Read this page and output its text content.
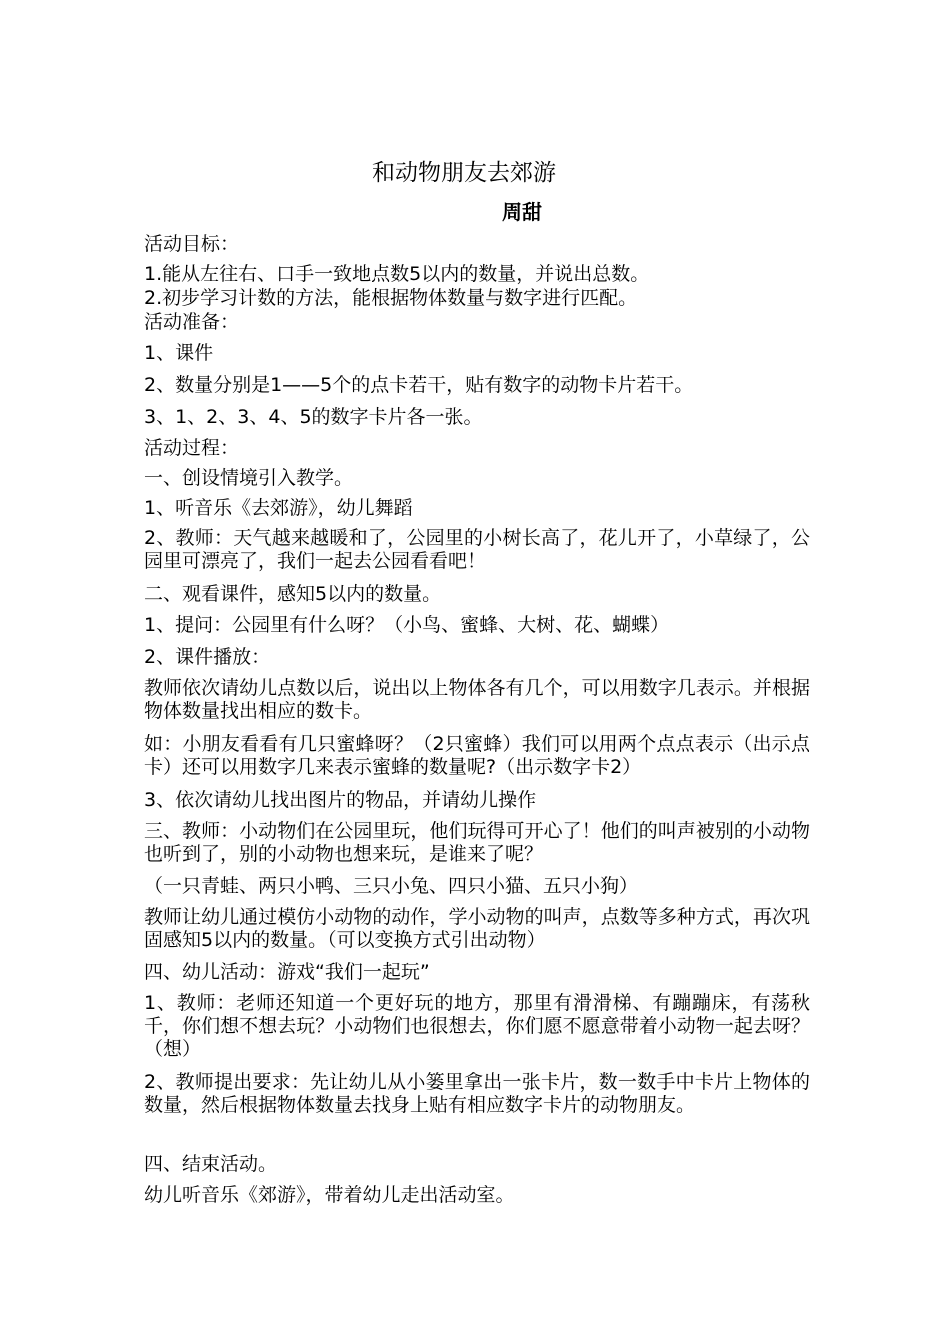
和动物朋友去郊游
周甜

活动目标：

1.能从左往右、口手一致地点数5以内的数量，并说出总数。

2.初步学习计数的方法，能根据物体数量与数字进行匹配。

活动准备：

1、课件

2、数量分别是1——5个的点卡若干，贴有数字的动物卡片若干。

3、1、2、3、4、5的数字卡片各一张。

活动过程：

一、创设情境引入教学。

1、听音乐《去郊游》，幼儿舞蹈

2、教师：天气越来越暖和了，公园里的小树长高了，花儿开了，小草绿了，公园里可漂亮了，我们一起去公园看看吧！

二、观看课件，感知5以内的数量。

1、提问：公园里有什么呀？（小鸟、蜜蜂、大树、花、蝴蝶）

2、课件播放：

教师依次请幼儿点数以后，说出以上物体各有几个，可以用数字几表示。并根据物体数量找出相应的数卡。

如：小朋友看看有几只蜜蜂呀？（2只蜜蜂）我们可以用两个点点表示（出示点卡）还可以用数字几来表示蜜蜂的数量呢?（出示数字卡2）

3、依次请幼儿找出图片的物品，并请幼儿操作

三、教师：小动物们在公园里玩，他们玩得可开心了！他们的叫声被别的小动物也听到了，别的小动物也想来玩，是谁来了呢？

（一只青蛙、两只小鸭、三只小兔、四只小猫、五只小狗）

教师让幼儿通过模仿小动物的动作，学小动物的叫声，点数等多种方式，再次巩固感知5以内的数量。（可以变换方式引出动物）

四、幼儿活动：游戏“我们一起玩”

1、教师：老师还知道一个更好玩的地方，那里有滑滑梯、有蹦蹦床，有荡秋千，你们想不想去玩？小动物们也很想去，你们愿不愿意带着小动物一起去呀？（想）

2、教师提出要求：先让幼儿从小篓里拿出一张卡片，数一数手中卡片上物体的数量，然后根据物体数量去找身上贴有相应数字卡片的动物朋友。

四、结束活动。

幼儿听音乐《郊游》，带着幼儿走出活动室。
